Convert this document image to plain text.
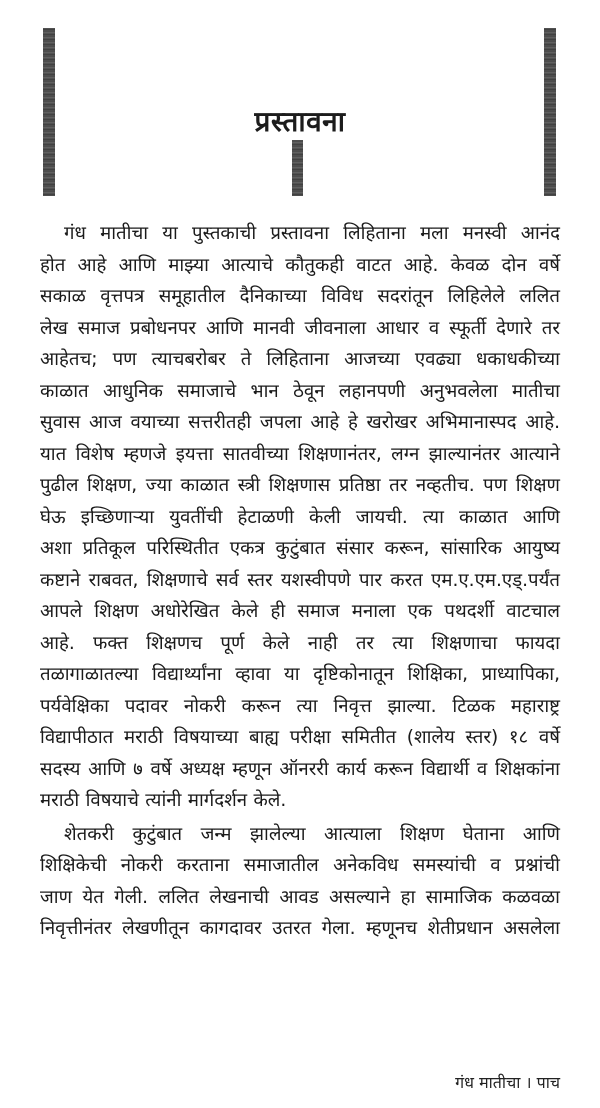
प्रस्तावना

गंध मातीचा या पुस्तकाची प्रस्तावना लिहिताना मला मनस्वी आनंद
होत आहे आणि माझ्या आत्याचे कौतुकही वाटत आहे. केवळ दोन वर्षे
सकाळ वृत्तपत्र समूहातील दैनिकाच्या विविध सदरांतून लिहिलेले ललित
लेख समाज प्रबोधनपर आणि मानवी जीवनाला आधार व स्फूर्ती देणारे तर
आहेतच; पण त्याचबरोबर ते लिहिताना आजच्या एवढ्या धकाधकीच्या
काळात आधुनिक समाजाचे भान ठेवून लहानपणी अनुभवलेला मातीचा
सुवास आज वयाच्या सत्तरीतही जपला आहे हे खरोखर अभिमानास्पद आहे.
यात विशेष म्हणजे इयत्ता सातवीच्या शिक्षणानंतर, लग्न झाल्यानंतर आत्याने
पुढील शिक्षण, ज्या काळात स्त्री शिक्षणास प्रतिष्ठा तर नव्हतीच. पण शिक्षण
घेऊ इच्छिणाऱ्या युवतींची हेटाळणी केली जायची. त्या काळात आणि
अशा प्रतिकूल परिस्थितीत एकत्र कुटुंबात संसार करून, सांसारिक आयुष्य
कष्टाने राबवत, शिक्षणाचे सर्व स्तर यशस्वीपणे पार करत एम.ए.एम.एड्.पर्यंत
आपले शिक्षण अधोरेखित केले ही समाज मनाला एक पथदर्शी वाटचाल
आहे. फक्त शिक्षणच पूर्ण केले नाही तर त्या शिक्षणाचा फायदा
तळागाळातल्या विद्यार्थ्यांना व्हावा या दृष्टिकोनातून शिक्षिका, प्राध्यापिका,
पर्यवेक्षिका पदावर नोकरी करून त्या निवृत्त झाल्या. टिळक महाराष्ट्र
विद्यापीठात मराठी विषयाच्या बाह्य परीक्षा समितीत (शालेय स्तर) १८ वर्षे
सदस्य आणि ७ वर्षे अध्यक्ष म्हणून ऑनररी कार्य करून विद्यार्थी व शिक्षकांना
मराठी विषयाचे त्यांनी मार्गदर्शन केले.

शेतकरी कुटुंबात जन्म झालेल्या आत्याला शिक्षण घेताना आणि
शिक्षिकेची नोकरी करताना समाजातील अनेकविध समस्यांची व प्रश्नांची
जाण येत गेली. ललित लेखनाची आवड असल्याने हा सामाजिक कळवळा
निवृत्तीनंतर लेखणीतून कागदावर उतरत गेला. म्हणूनच शेतीप्रधान असलेला

गंध मातीचा । पाच
